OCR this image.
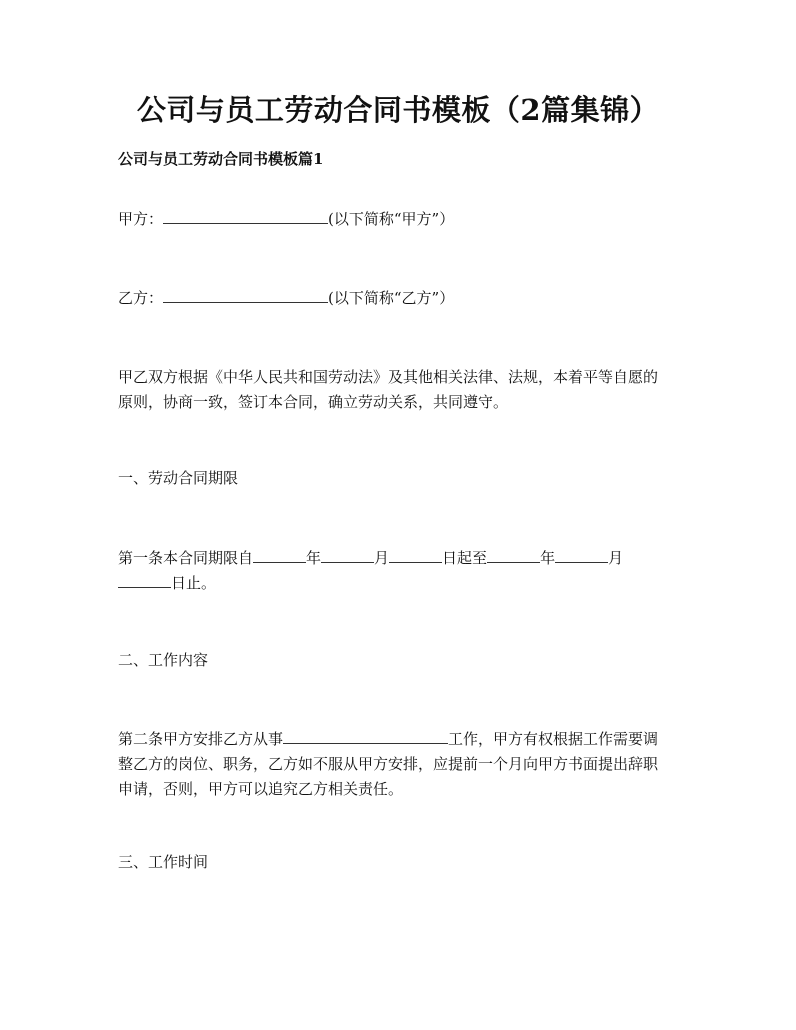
公司与员工劳动合同书模板（2篇集锦）
公司与员工劳动合同书模板篇1
甲方：	(以下简称“甲方”）
乙方：	(以下简称“乙方”）
甲乙双方根据《中华人民共和国劳动法》及其他相关法律、法规，本着平等自愿的
原则，协商一致，签订本合同，确立劳动关系，共同遵守。
一、劳动合同期限
第一条本合同期限自	年	月	日起至	年	月
日止。
二、工作内容
第二条甲方安排乙方从事	工作，甲方有权根据工作需要调
整乙方的岗位、职务，乙方如不服从甲方安排，应提前一个月向甲方书面提出辞职
申请，否则，甲方可以追究乙方相关责任。
三、工作时间
